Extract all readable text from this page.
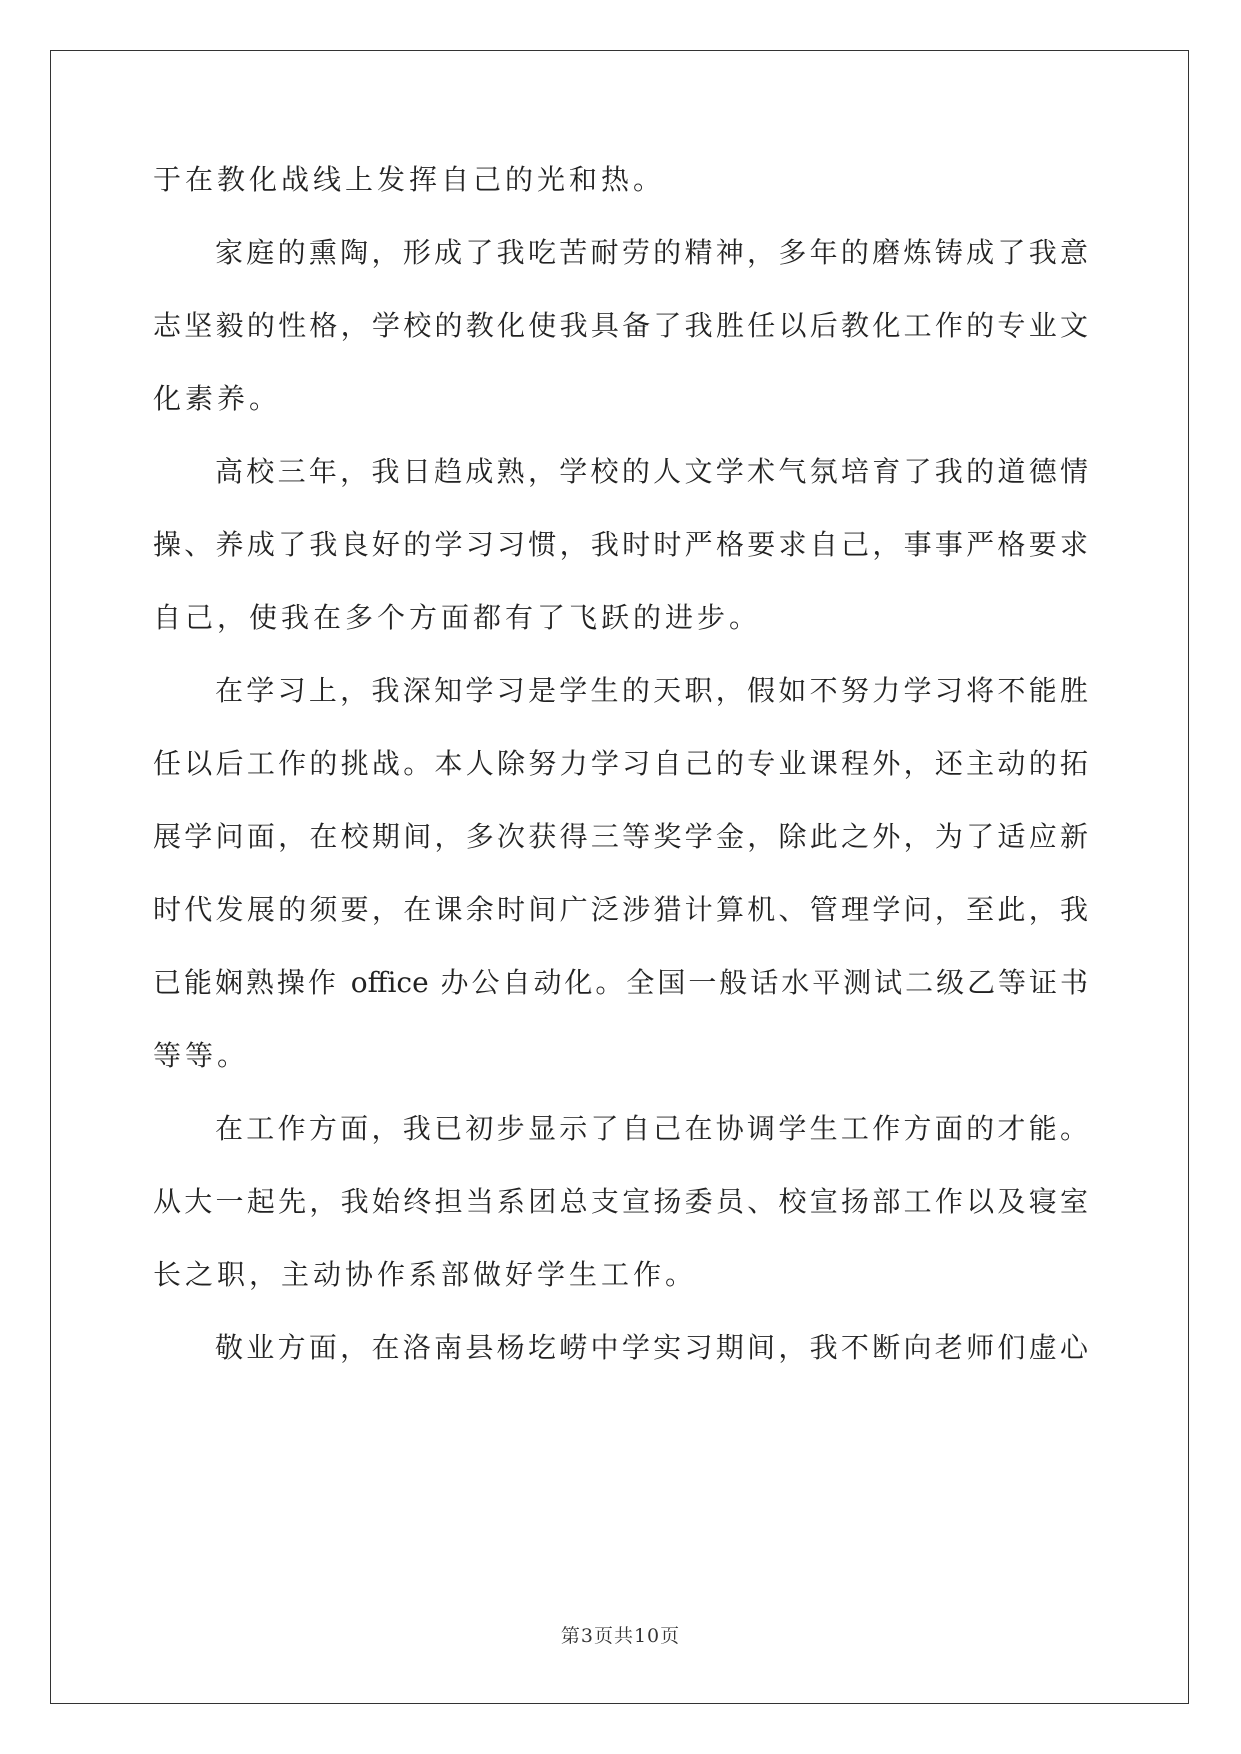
于在教化战线上发挥自己的光和热。
家庭的熏陶，形成了我吃苦耐劳的精神，多年的磨炼铸成了我意
志坚毅的性格，学校的教化使我具备了我胜任以后教化工作的专业文
化素养。
高校三年，我日趋成熟，学校的人文学术气氛培育了我的道德情
操、养成了我良好的学习习惯，我时时严格要求自己，事事严格要求
自己，使我在多个方面都有了飞跃的进步。
在学习上，我深知学习是学生的天职，假如不努力学习将不能胜
任以后工作的挑战。本人除努力学习自己的专业课程外，还主动的拓
展学问面，在校期间，多次获得三等奖学金，除此之外，为了适应新
时代发展的须要，在课余时间广泛涉猎计算机、管理学问，至此，我
已能娴熟操作 office 办公自动化。全国一般话水平测试二级乙等证书
等等。
在工作方面，我已初步显示了自己在协调学生工作方面的才能。
从大一起先，我始终担当系团总支宣扬委员、校宣扬部工作以及寝室
长之职，主动协作系部做好学生工作。
敬业方面，在洛南县杨圪崂中学实习期间，我不断向老师们虚心
第3页共10页
